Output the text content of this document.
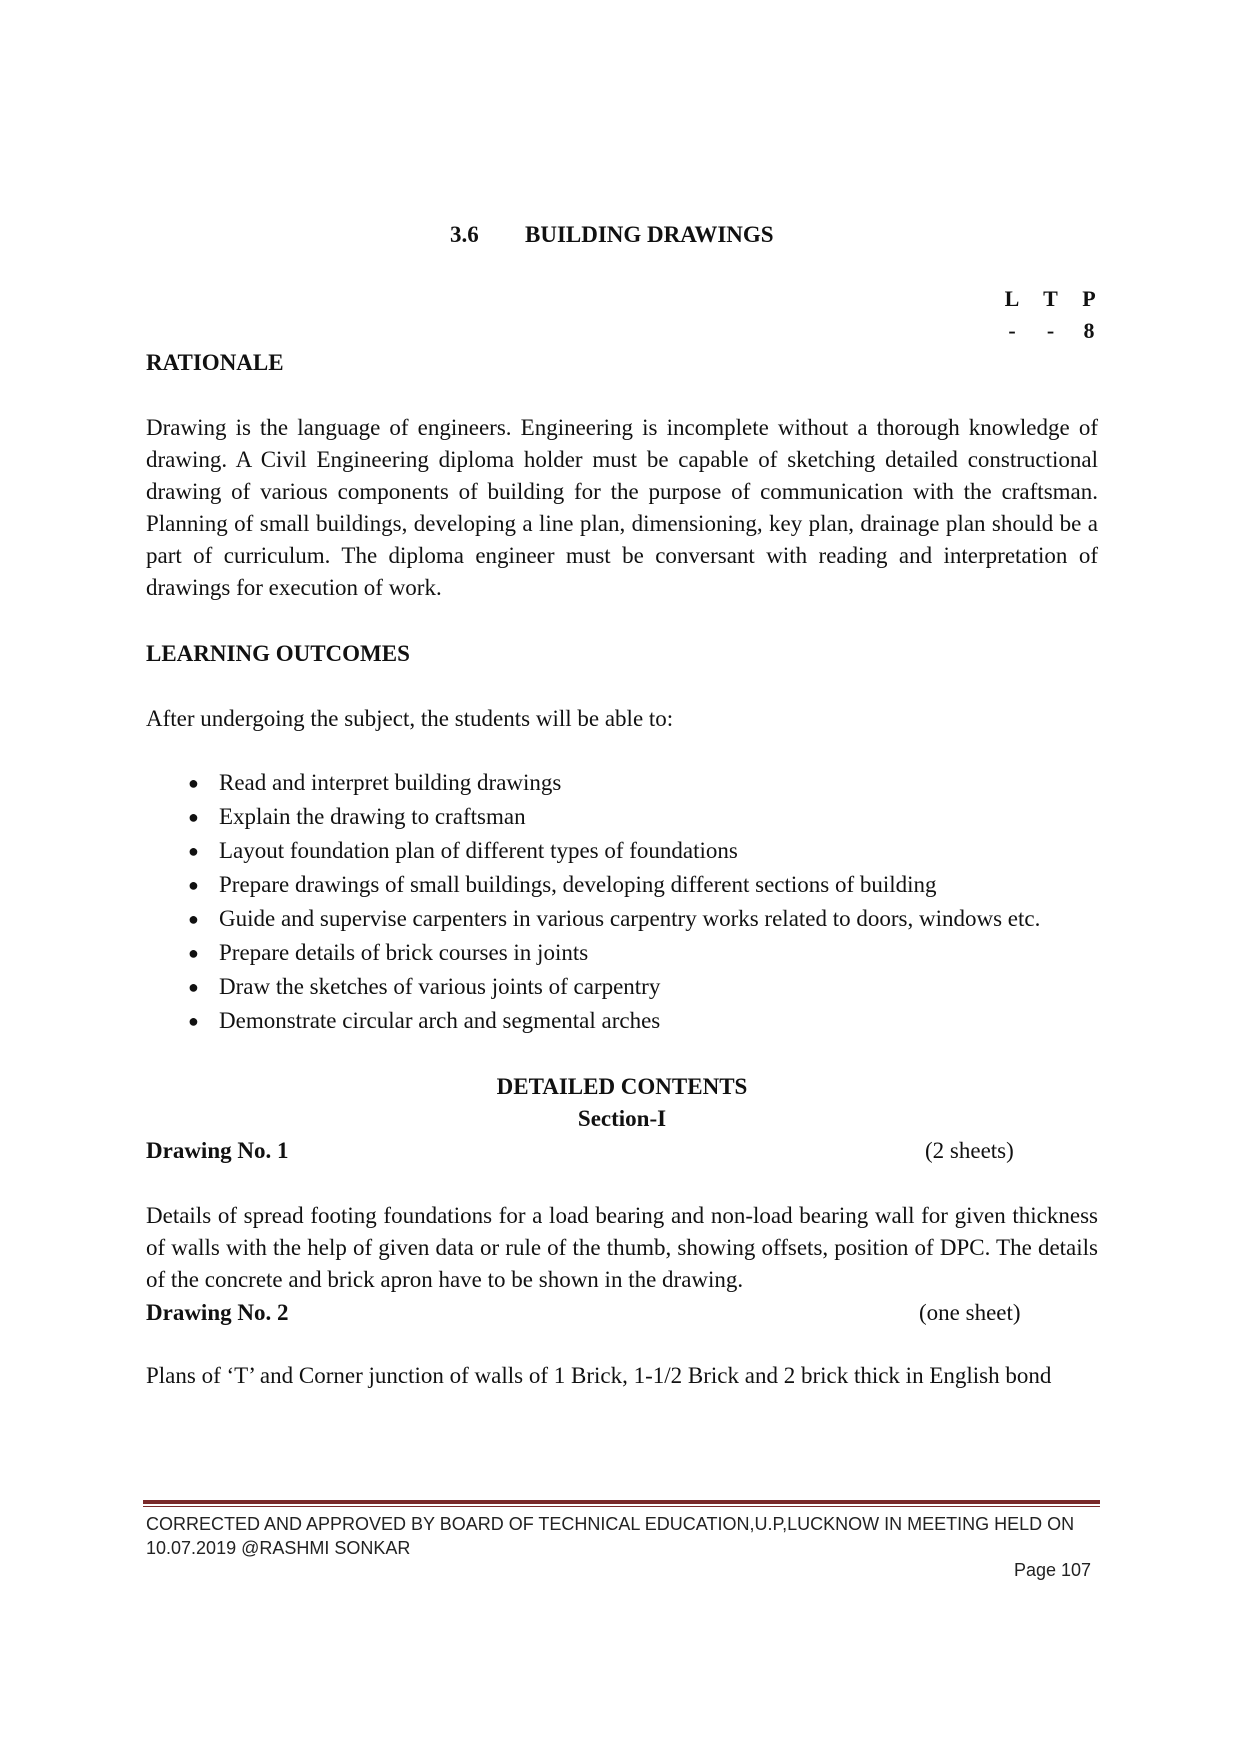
3.6 BUILDING DRAWINGS
L T P
- - 8
RATIONALE
Drawing is the language of engineers. Engineering is incomplete without a thorough knowledge of drawing. A Civil Engineering diploma holder must be capable of sketching detailed constructional drawing of various components of building for the purpose of communication with the craftsman. Planning of small buildings, developing a line plan, dimensioning, key plan, drainage plan should be a part of curriculum. The diploma engineer must be conversant with reading and interpretation of drawings for execution of work.
LEARNING OUTCOMES
After undergoing the subject, the students will be able to:
● Read and interpret building drawings
● Explain the drawing to craftsman
● Layout foundation plan of different types of foundations
● Prepare drawings of small buildings, developing different sections of building
● Guide and supervise carpenters in various carpentry works related to doors, windows etc.
● Prepare details of brick courses in joints
● Draw the sketches of various joints of carpentry
● Demonstrate circular arch and segmental arches
DETAILED CONTENTS
Section-I
Drawing No. 1	(2 sheets)
Details of spread footing foundations for a load bearing and non-load bearing wall for given thickness of walls with the help of given data or rule of the thumb, showing offsets, position of DPC. The details of the concrete and brick apron have to be shown in the drawing.
Drawing No. 2	(one sheet)
Plans of ‘T’ and Corner junction of walls of 1 Brick, 1-1/2 Brick and 2 brick thick in English bond
CORRECTED AND APPROVED BY BOARD OF TECHNICAL EDUCATION,U.P,LUCKNOW IN MEETING HELD ON 10.07.2019 @RASHMI SONKAR
Page 107
